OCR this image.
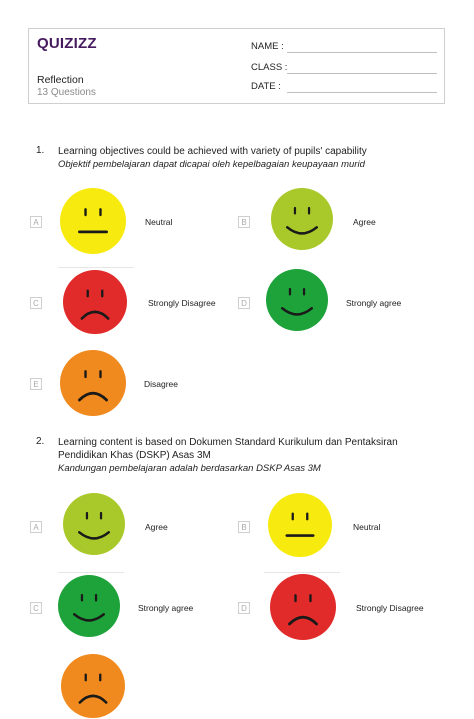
QUIZIZZ
Reflection
13 Questions
NAME :
CLASS :
DATE :
1. Learning objectives could be achieved with variety of pupils' capability
Objektif pembelajaran dapat dicapai oleh kepelbagaian keupayaan murid
A	Neutral	B	Agree
C	Strongly Disagree	D	Strongly agree
E	Disagree
2. Learning content is based on Dokumen Standard Kurikulum dan Pentaksiran
Pendidikan Khas (DSKP) Asas 3M
Kandungan pembelajaran adalah berdasarkan DSKP Asas 3M
A	Agree	B	Neutral
C	Strongly agree	D	Strongly Disagree
